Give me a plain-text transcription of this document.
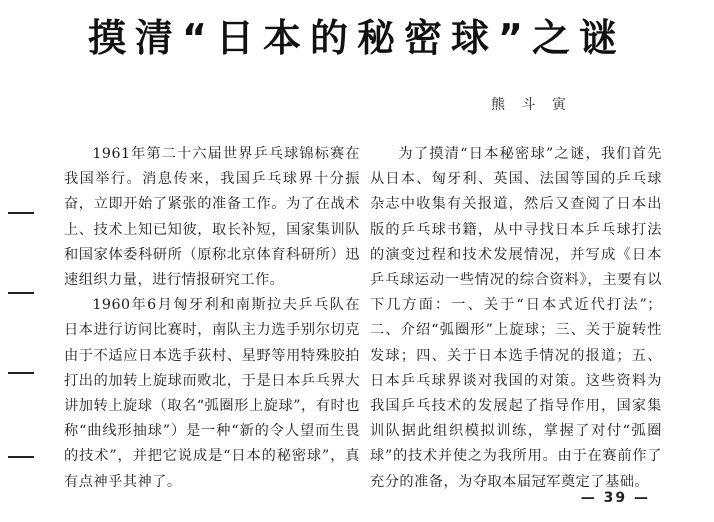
摸清“日本的秘密球”之谜
熊 斗 寅

1961年第二十六届世界乒乓球锦标赛在我国举行。消息传来，我国乒乓球界十分振奋，立即开始了紧张的准备工作。为了在战术上、技术上知已知彼，取长补短，国家集训队和国家体委科研所（原称北京体育科研所）迅速组织力量，进行情报研究工作。

1960年6月匈牙利和南斯拉夫乒乓队在日本进行访问比赛时，南队主力选手别尔切克由于不适应日本选手荻村、星野等用特殊胶拍打出的加转上旋球而败北，于是日本乒乓界大讲加转上旋球（取名“弧圈形上旋球”，有时也称“曲线形抽球”）是一种“新的令人望而生畏的技术”，并把它说成是“日本的秘密球”，真有点神乎其神了。

为了摸清“日本秘密球”之谜，我们首先从日本、匈牙利、英国、法国等国的乒乓球杂志中收集有关报道，然后又查阅了日本出版的乒乓球书籍，从中寻找日本乒乓球打法的演变过程和技术发展情况，并写成《日本乒乓球运动一些情况的综合资料》，主要有以下几方面：一、关于“日本式近代打法”；二、介绍“弧圈形”上旋球；三、关于旋转性发球；四、关于日本选手情况的报道；五、日本乒乓球界谈对我国的对策。这些资料为我国乒乓技术的发展起了指导作用，国家集训队据此组织模拟训练，掌握了对付“弧圈球”的技术并使之为我所用。由于在赛前作了充分的准备，为夺取本届冠军奠定了基础。

— 39 —
